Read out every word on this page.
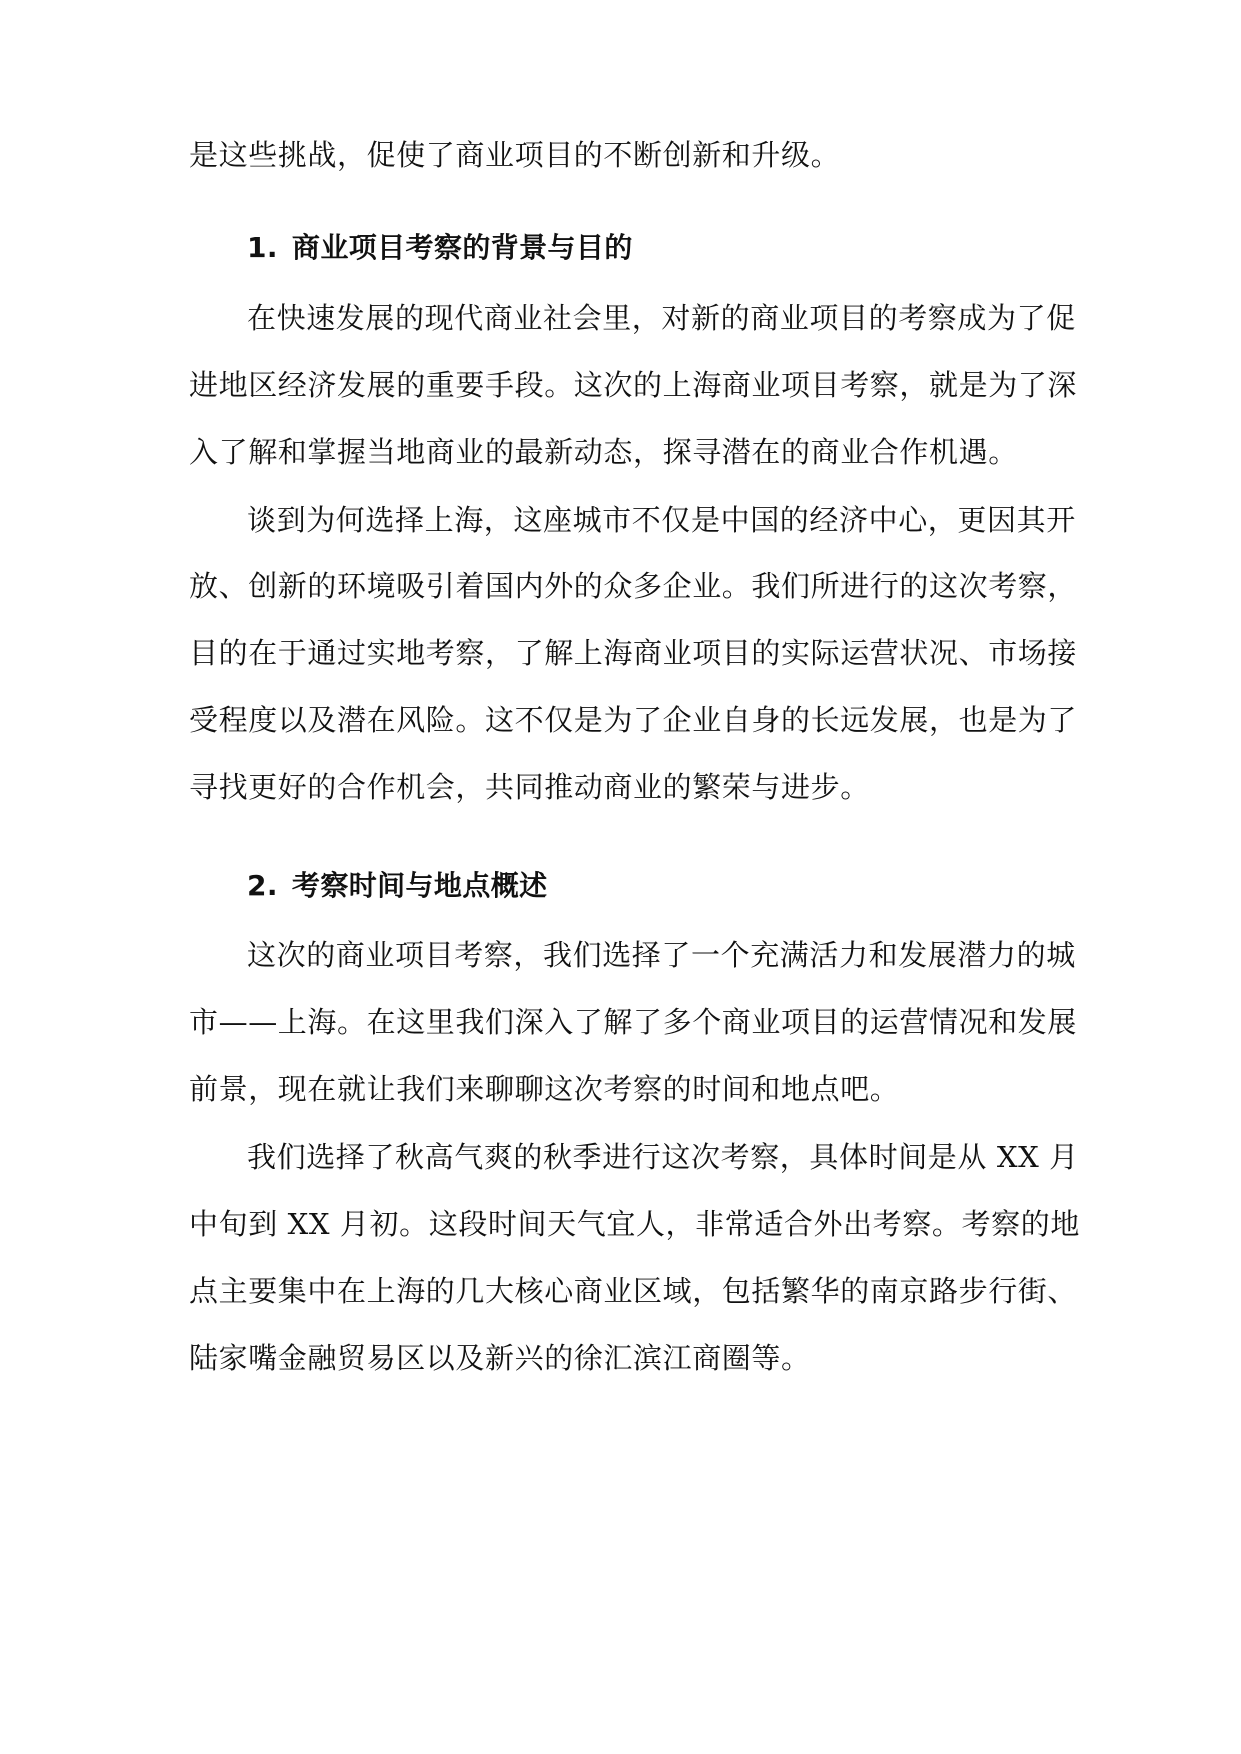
是这些挑战，促使了商业项目的不断创新和升级。
1. 商业项目考察的背景与目的
在快速发展的现代商业社会里，对新的商业项目的考察成为了促
进地区经济发展的重要手段。这次的上海商业项目考察，就是为了深
入了解和掌握当地商业的最新动态，探寻潜在的商业合作机遇。
谈到为何选择上海，这座城市不仅是中国的经济中心，更因其开
放、创新的环境吸引着国内外的众多企业。我们所进行的这次考察，
目的在于通过实地考察，了解上海商业项目的实际运营状况、市场接
受程度以及潜在风险。这不仅是为了企业自身的长远发展，也是为了
寻找更好的合作机会，共同推动商业的繁荣与进步。
2. 考察时间与地点概述
这次的商业项目考察，我们选择了一个充满活力和发展潜力的城
市——上海。在这里我们深入了解了多个商业项目的运营情况和发展
前景，现在就让我们来聊聊这次考察的时间和地点吧。
我们选择了秋高气爽的秋季进行这次考察，具体时间是从 XX 月
中旬到 XX 月初。这段时间天气宜人，非常适合外出考察。考察的地
点主要集中在上海的几大核心商业区域，包括繁华的南京路步行街、
陆家嘴金融贸易区以及新兴的徐汇滨江商圈等。
